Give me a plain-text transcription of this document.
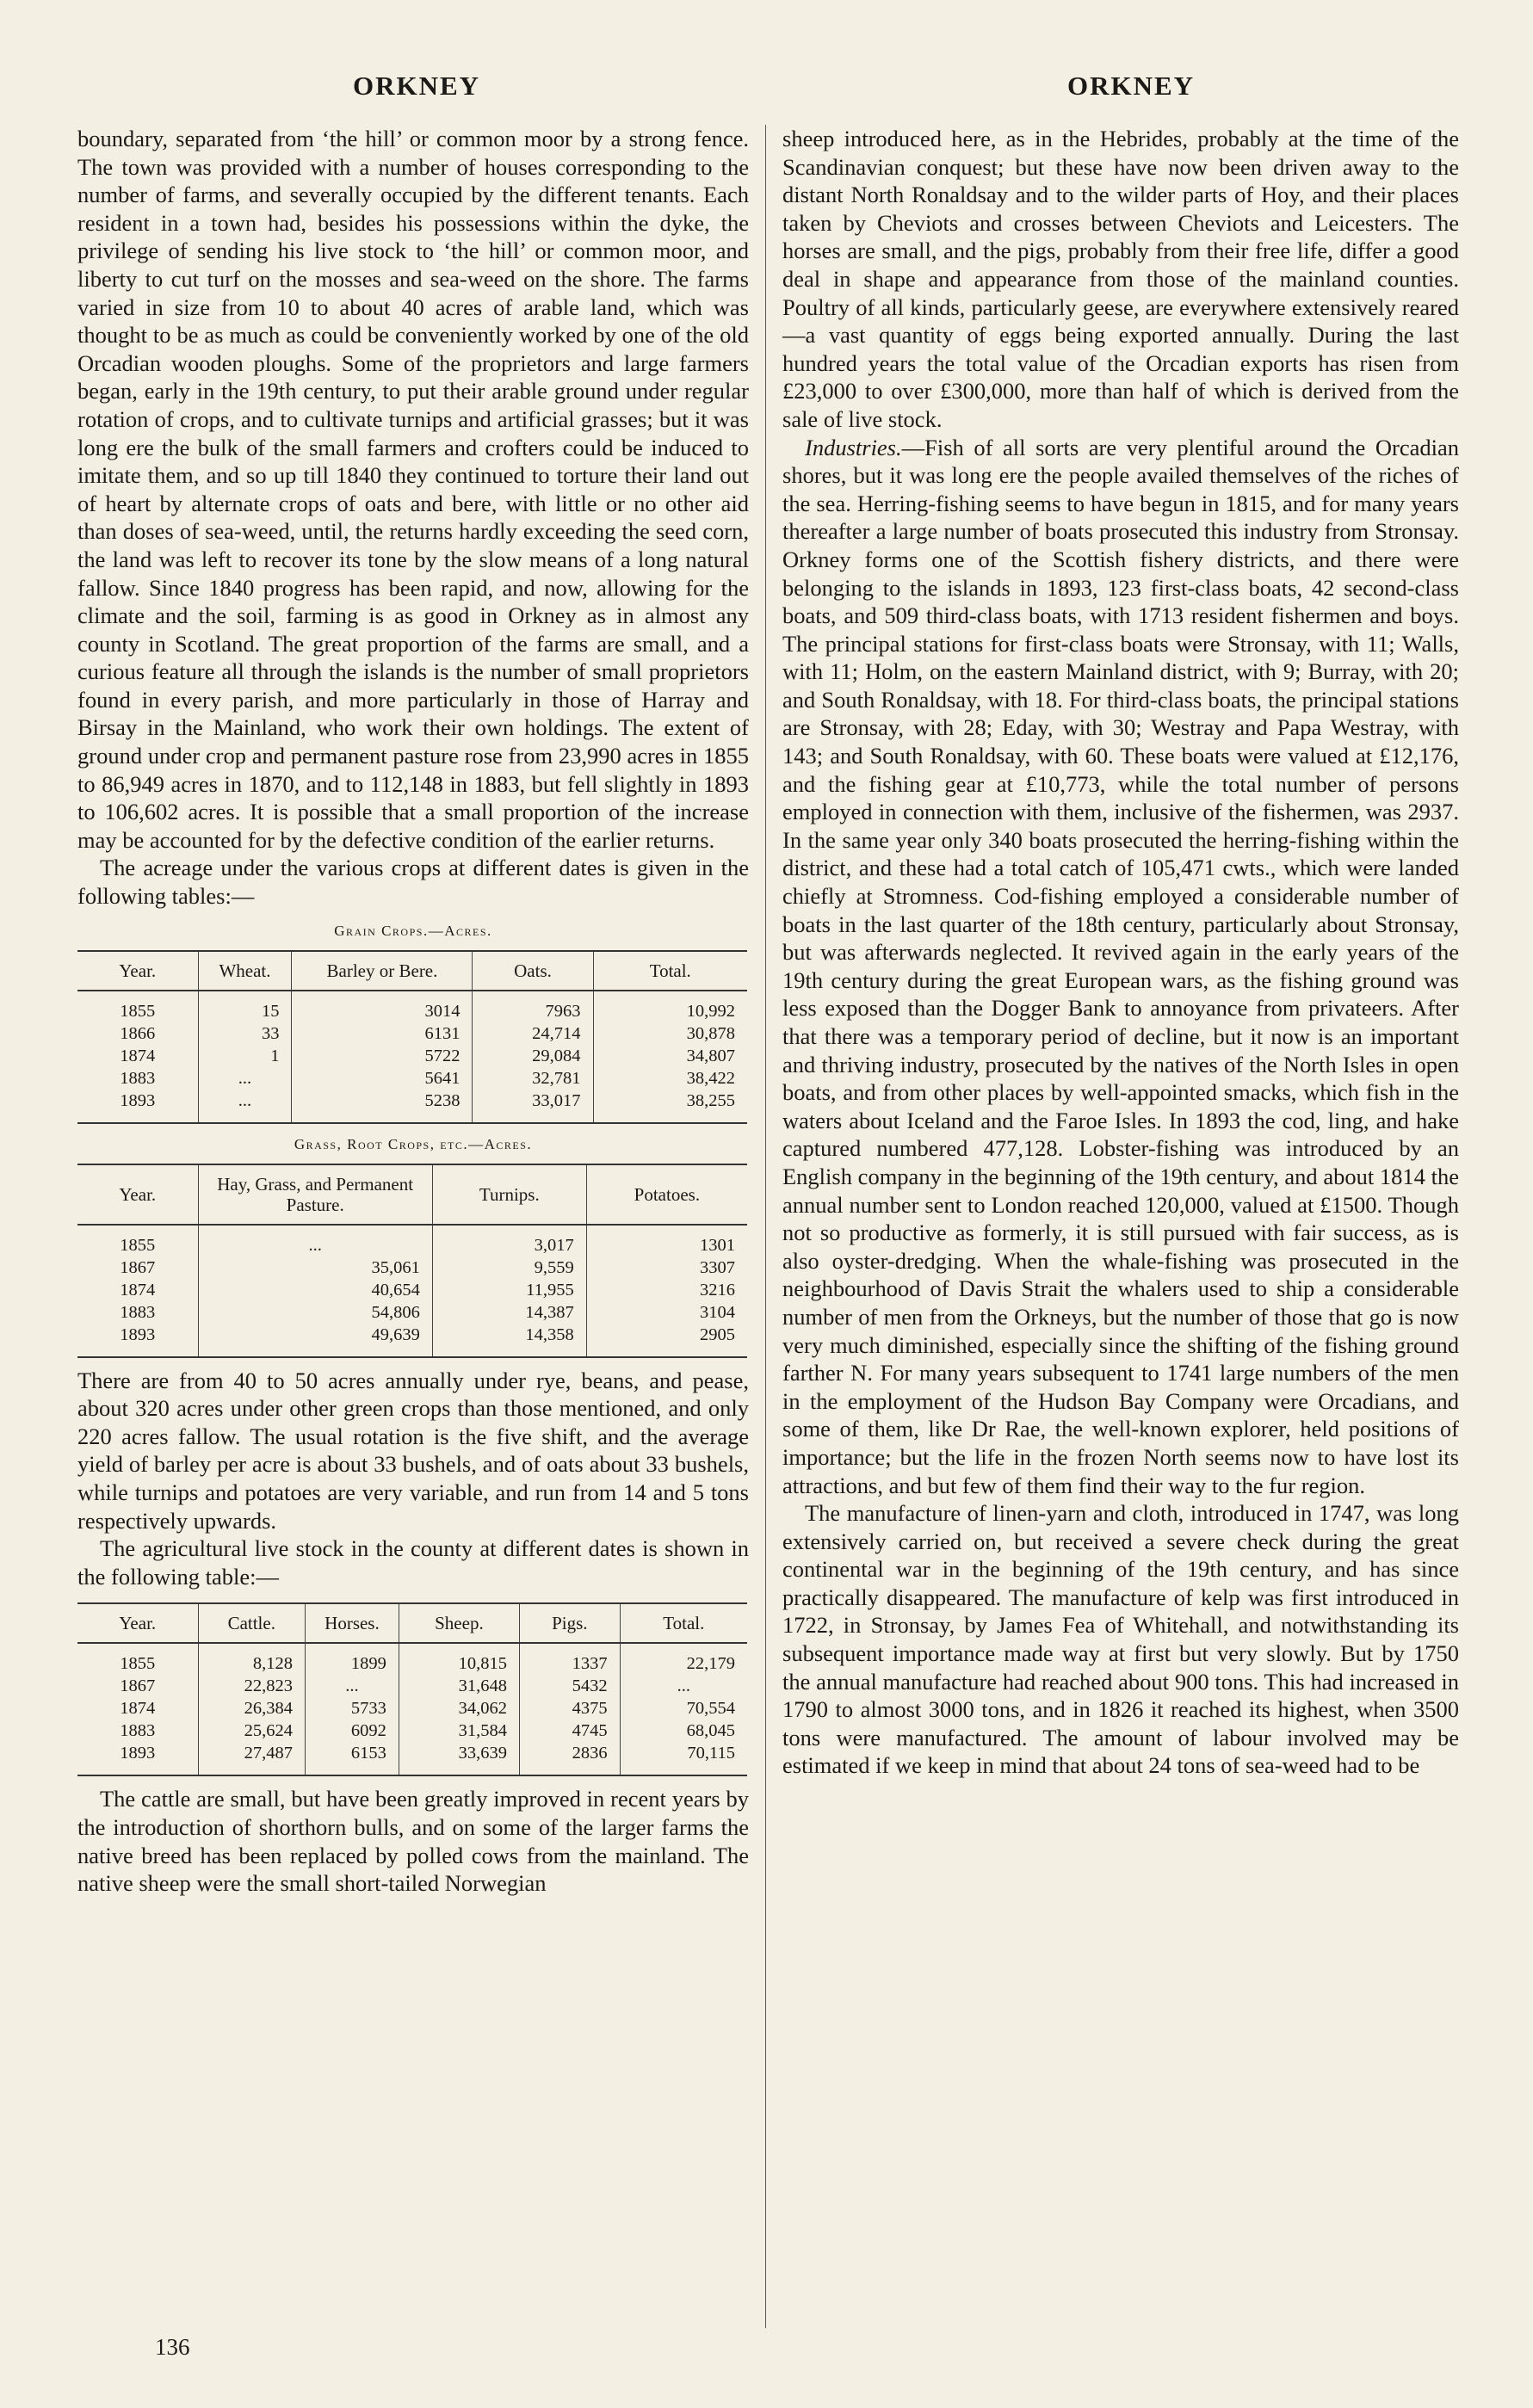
ORKNEY	ORKNEY

boundary, separated from ‘the hill’ or common moor by a strong fence. The town was provided with a number of houses corresponding to the number of farms, and severally occupied by the different tenants. Each resident in a town had, besides his possessions within the dyke, the privilege of sending his live stock to ‘the hill’ or common moor, and liberty to cut turf on the mosses and sea-weed on the shore. The farms varied in size from 10 to about 40 acres of arable land, which was thought to be as much as could be conveniently worked by one of the old Orcadian wooden ploughs. Some of the proprietors and large farmers began, early in the 19th century, to put their arable ground under regular rotation of crops, and to cultivate turnips and artificial grasses; but it was long ere the bulk of the small farmers and crofters could be induced to imitate them, and so up till 1840 they continued to torture their land out of heart by alternate crops of oats and bere, with little or no other aid than doses of sea-weed, until, the returns hardly exceeding the seed corn, the land was left to recover its tone by the slow means of a long natural fallow. Since 1840 progress has been rapid, and now, allowing for the climate and the soil, farming is as good in Orkney as in almost any county in Scotland. The great proportion of the farms are small, and a curious feature all through the islands is the number of small proprietors found in every parish, and more particularly in those of Harray and Birsay in the Mainland, who work their own holdings. The extent of ground under crop and permanent pasture rose from 23,990 acres in 1855 to 86,949 acres in 1870, and to 112,148 in 1883, but fell slightly in 1893 to 106,602 acres. It is possible that a small proportion of the increase may be accounted for by the defective condition of the earlier returns.

The acreage under the various crops at different dates is given in the following tables:—

Grain Crops.—Acres.
Year.	Wheat.	Barley or Bere.	Oats.	Total.
1855	15	3014	7963	10,992
1866	33	6131	24,714	30,878
1874	1	5722	29,084	34,807
1883	...	5641	32,781	38,422
1893	...	5238	33,017	38,255
Grass, Root Crops, etc.—Acres.
Year.	Hay, Grass, and Permanent Pasture.	Turnips.	Potatoes.
1855	...	3,017	1301
1867	35,061	9,559	3307
1874	40,654	11,955	3216
1883	54,806	14,387	3104
1893	49,639	14,358	2905

There are from 40 to 50 acres annually under rye, beans, and pease, about 320 acres under other green crops than those mentioned, and only 220 acres fallow. The usual rotation is the five shift, and the average yield of barley per acre is about 33 bushels, and of oats about 33 bushels, while turnips and potatoes are very variable, and run from 14 and 5 tons respectively upwards.

The agricultural live stock in the county at different dates is shown in the following table:—

Year.	Cattle.	Horses.	Sheep.	Pigs.	Total.
1855	8,128	1899	10,815	1337	22,179
1867	22,823	...	31,648	5432	...
1874	26,384	5733	34,062	4375	70,554
1883	25,624	6092	31,584	4745	68,045
1893	27,487	6153	33,639	2836	70,115

The cattle are small, but have been greatly improved in recent years by the introduction of shorthorn bulls, and on some of the larger farms the native breed has been replaced by polled cows from the mainland. The native sheep were the small short-tailed Norwegian

sheep introduced here, as in the Hebrides, probably at the time of the Scandinavian conquest; but these have now been driven away to the distant North Ronaldsay and to the wilder parts of Hoy, and their places taken by Cheviots and crosses between Cheviots and Leicesters. The horses are small, and the pigs, probably from their free life, differ a good deal in shape and appearance from those of the mainland counties. Poultry of all kinds, particularly geese, are everywhere extensively reared—a vast quantity of eggs being exported annually. During the last hundred years the total value of the Orcadian exports has risen from £23,000 to over £300,000, more than half of which is derived from the sale of live stock.

Industries.—Fish of all sorts are very plentiful around the Orcadian shores, but it was long ere the people availed themselves of the riches of the sea. Herring-fishing seems to have begun in 1815, and for many years thereafter a large number of boats prosecuted this industry from Stronsay. Orkney forms one of the Scottish fishery districts, and there were belonging to the islands in 1893, 123 first-class boats, 42 second-class boats, and 509 third-class boats, with 1713 resident fishermen and boys. The principal stations for first-class boats were Stronsay, with 11; Walls, with 11; Holm, on the eastern Mainland district, with 9; Burray, with 20; and South Ronaldsay, with 18. For third-class boats, the principal stations are Stronsay, with 28; Eday, with 30; Westray and Papa Westray, with 143; and South Ronaldsay, with 60. These boats were valued at £12,176, and the fishing gear at £10,773, while the total number of persons employed in connection with them, inclusive of the fishermen, was 2937. In the same year only 340 boats prosecuted the herring-fishing within the district, and these had a total catch of 105,471 cwts., which were landed chiefly at Stromness. Cod-fishing employed a considerable number of boats in the last quarter of the 18th century, particularly about Stronsay, but was afterwards neglected. It revived again in the early years of the 19th century during the great European wars, as the fishing ground was less exposed than the Dogger Bank to annoyance from privateers. After that there was a temporary period of decline, but it now is an important and thriving industry, prosecuted by the natives of the North Isles in open boats, and from other places by well-appointed smacks, which fish in the waters about Iceland and the Faroe Isles. In 1893 the cod, ling, and hake captured numbered 477,128. Lobster-fishing was introduced by an English company in the beginning of the 19th century, and about 1814 the annual number sent to London reached 120,000, valued at £1500. Though not so productive as formerly, it is still pursued with fair success, as is also oyster-dredging. When the whale-fishing was prosecuted in the neighbourhood of Davis Strait the whalers used to ship a considerable number of men from the Orkneys, but the number of those that go is now very much diminished, especially since the shifting of the fishing ground farther N. For many years subsequent to 1741 large numbers of the men in the employment of the Hudson Bay Company were Orcadians, and some of them, like Dr Rae, the well-known explorer, held positions of importance; but the life in the frozen North seems now to have lost its attractions, and but few of them find their way to the fur region.

The manufacture of linen-yarn and cloth, introduced in 1747, was long extensively carried on, but received a severe check during the great continental war in the beginning of the 19th century, and has since practically disappeared. The manufacture of kelp was first introduced in 1722, in Stronsay, by James Fea of Whitehall, and notwithstanding its subsequent importance made way at first but very slowly. But by 1750 the annual manufacture had reached about 900 tons. This had increased in 1790 to almost 3000 tons, and in 1826 it reached its highest, when 3500 tons were manufactured. The amount of labour involved may be estimated if we keep in mind that about 24 tons of sea-weed had to be

136
